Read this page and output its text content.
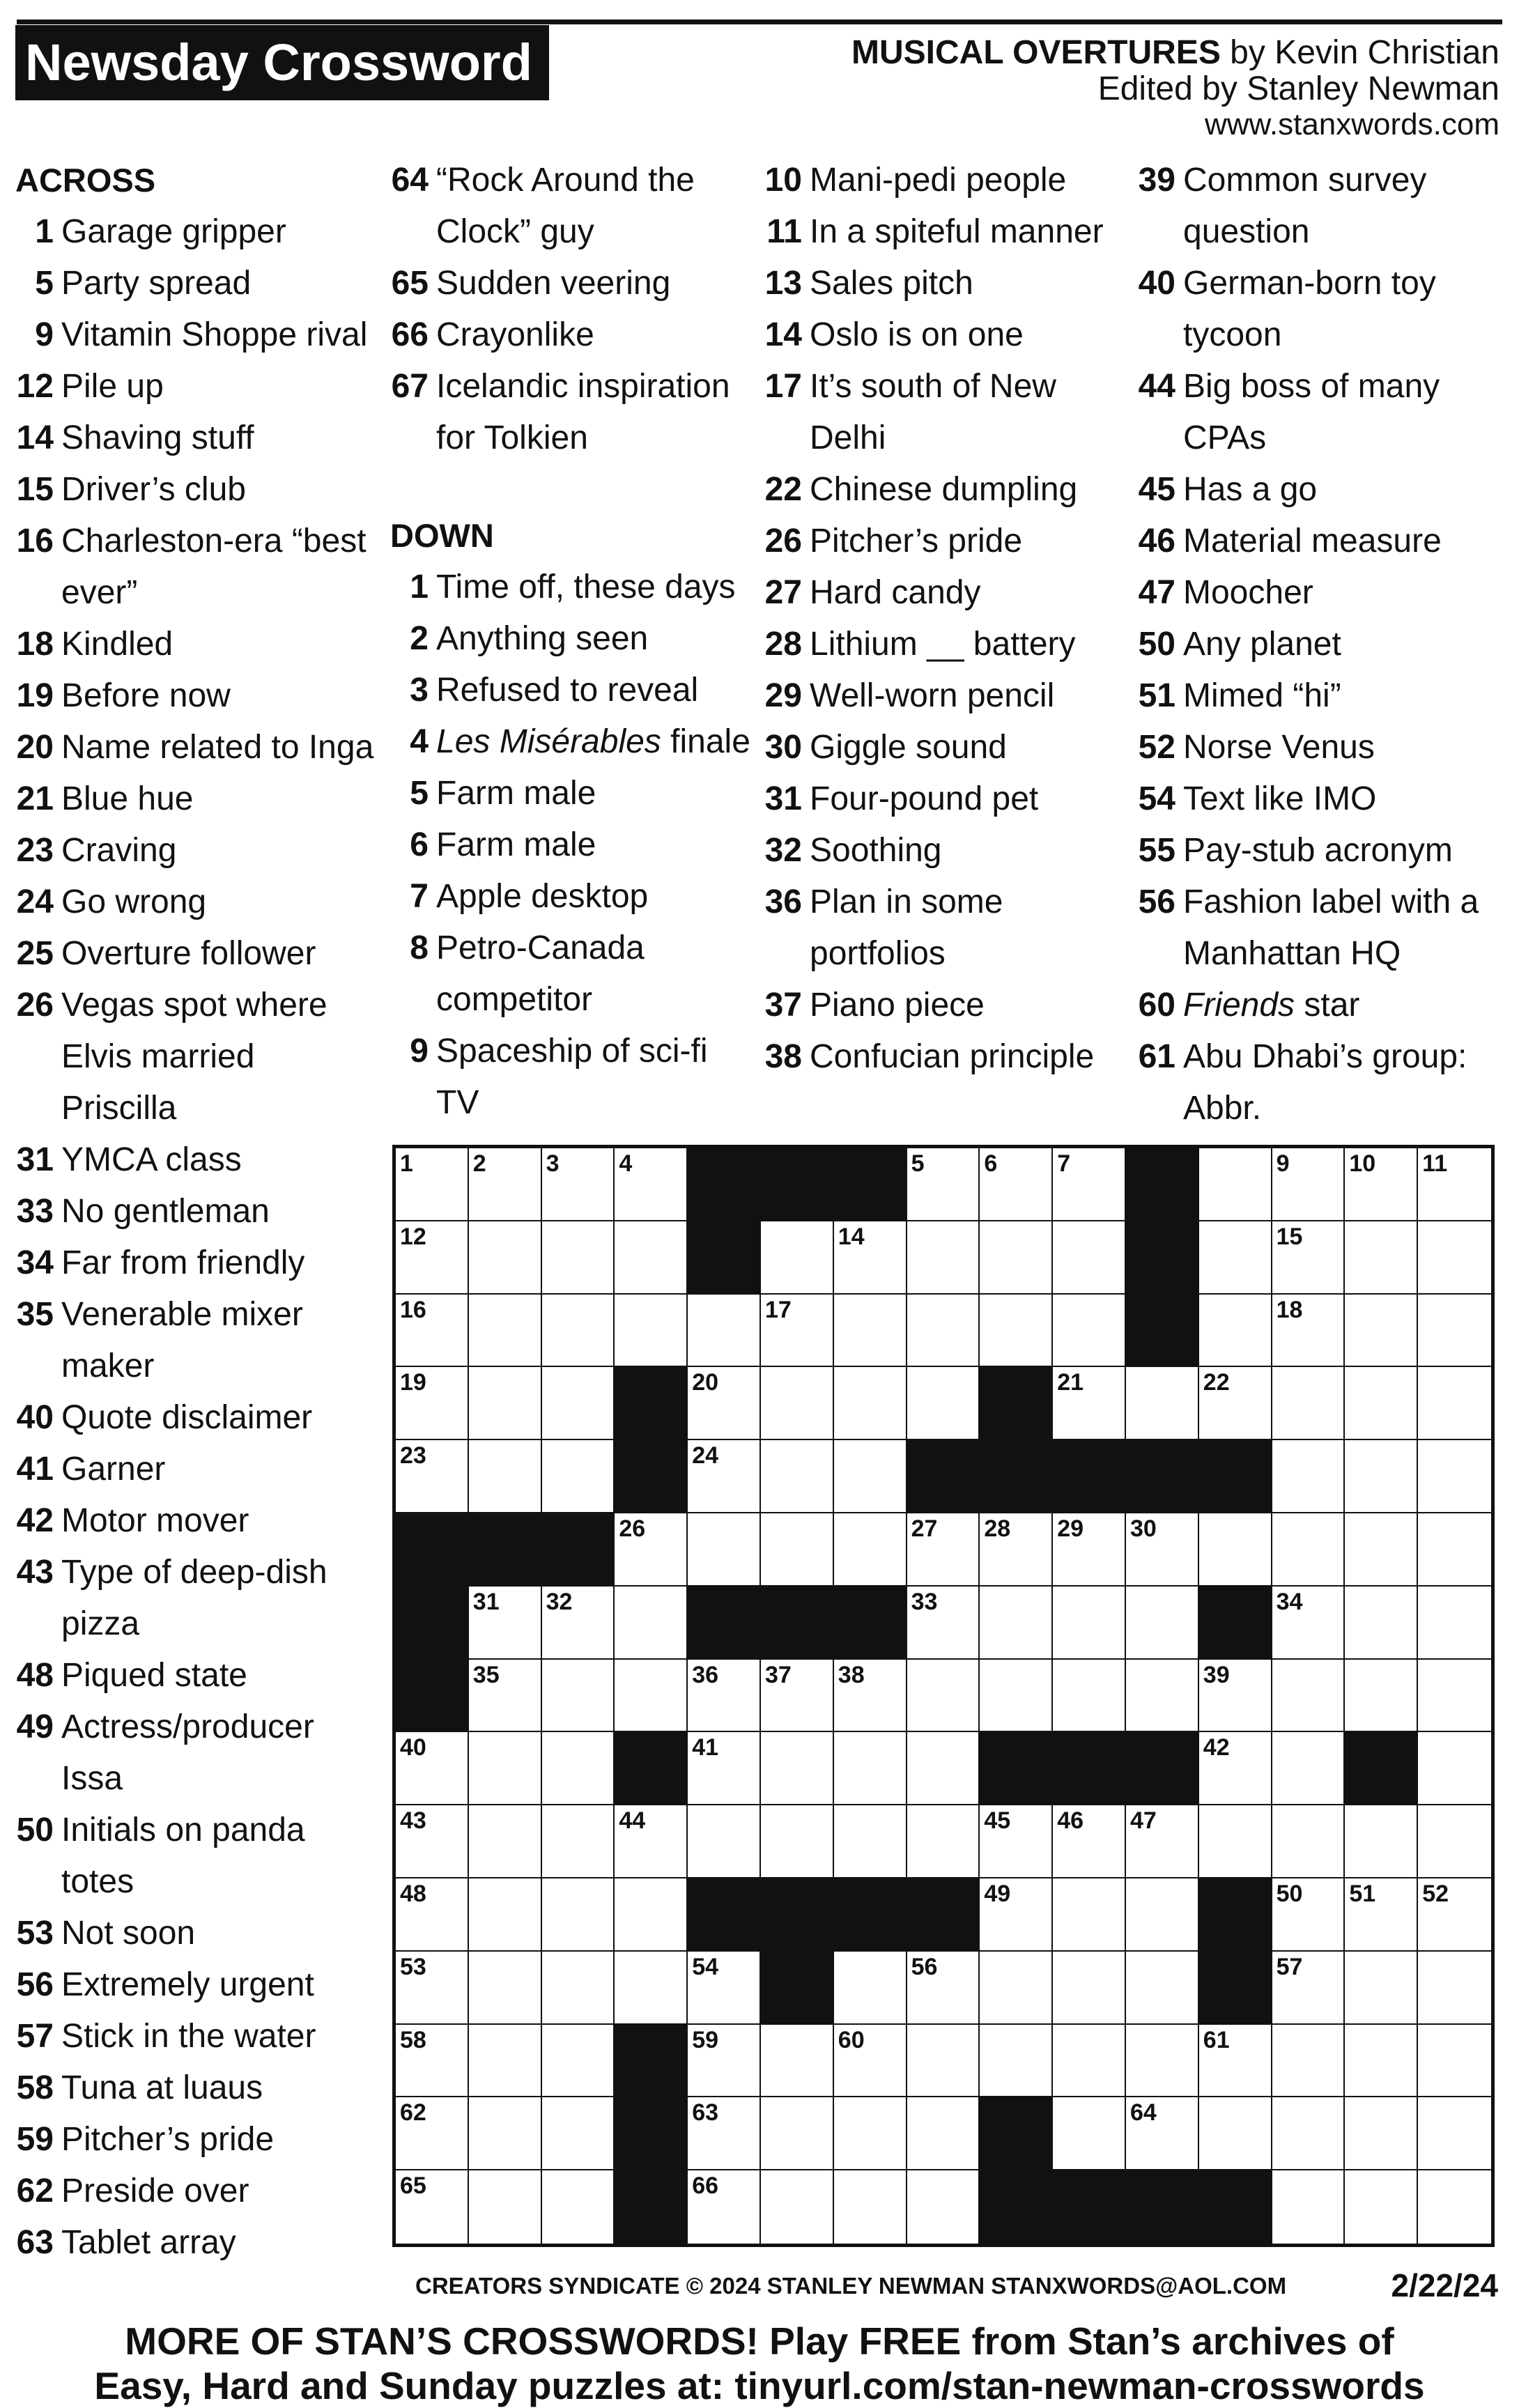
Newsday Crossword	MUSICAL OVERTURES by Kevin Christian
Edited by Stanley Newman
www.stanxwords.com
ACROSS
1 Garage gripper
5 Party spread
9 Vitamin Shoppe rival
12 Pile up
14 Shaving stuff
15 Driver’s club
16 Charleston-era “best ever”
18 Kindled
19 Before now
20 Name related to Inga
21 Blue hue
23 Craving
24 Go wrong
25 Overture follower
26 Vegas spot where Elvis married Priscilla
31 YMCA class
33 No gentleman
34 Far from friendly
35 Venerable mixer maker
40 Quote disclaimer
41 Garner
42 Motor mover
43 Type of deep-dish pizza
48 Piqued state
49 Actress/producer Issa
50 Initials on panda totes
53 Not soon
56 Extremely urgent
57 Stick in the water
58 Tuna at luaus
59 Pitcher’s pride
62 Preside over
63 Tablet array
64 “Rock Around the Clock” guy
65 Sudden veering
66 Crayonlike
67 Icelandic inspiration for Tolkien
DOWN
1 Time off, these days
2 Anything seen
3 Refused to reveal
4 Les Misérables finale
5 Farm male
6 Farm male
7 Apple desktop
8 Petro-Canada competitor
9 Spaceship of sci-fi TV
10 Mani-pedi people
11 In a spiteful manner
13 Sales pitch
14 Oslo is on one
17 It’s south of New Delhi
22 Chinese dumpling
26 Pitcher’s pride
27 Hard candy
28 Lithium __ battery
29 Well-worn pencil
30 Giggle sound
31 Four-pound pet
32 Soothing
36 Plan in some portfolios
37 Piano piece
38 Confucian principle
39 Common survey question
40 German-born toy tycoon
44 Big boss of many CPAs
45 Has a go
46 Material measure
47 Moocher
50 Any planet
51 Mimed “hi”
52 Norse Venus
54 Text like IMO
55 Pay-stub acronym
56 Fashion label with a Manhattan HQ
60 Friends star
61 Abu Dhabi’s group: Abbr.
1	2	3	4	5	6	7	9	10 11
12	14	15
16	17	18
19	20	21	22
23	24
26	27 28 29 30
31 32	33	34
35	36 37 38	39
40	41	42
43	44	45 46 47
48	49	50 51 52
53	54	56	57
58	59	60	61
62	63	64
65	66
CREATORS SYNDICATE © 2024 STANLEY NEWMAN STANXWORDS@AOL.COM	2/22/24
MORE OF STAN’S CROSSWORDS! Play FREE from Stan’s archives of
Easy, Hard and Sunday puzzles at: tinyurl.com/stan-newman-crosswords
